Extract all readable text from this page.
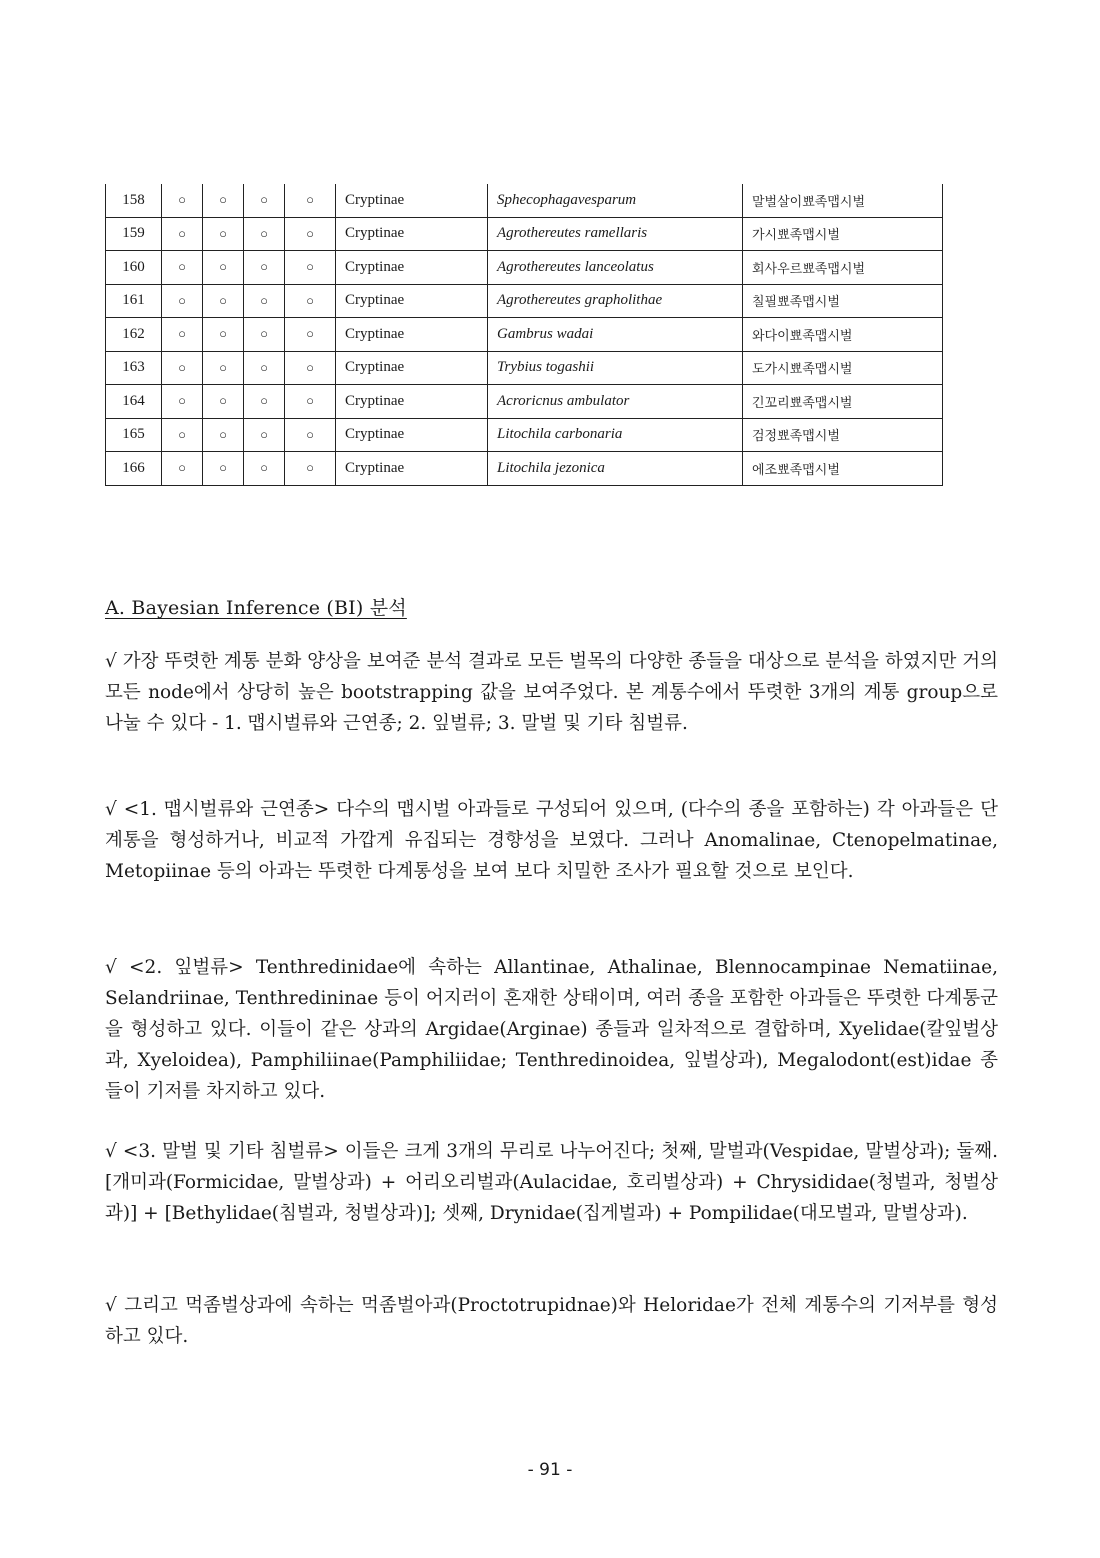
158	○	○	○	○	Cryptinae	Sphecophagavesparum	말벌살이뾰족맵시벌
159	○	○	○	○	Cryptinae	Agrothereutes ramellaris	가시뾰족맵시벌
160	○	○	○	○	Cryptinae	Agrothereutes lanceolatus	회사우르뾰족맵시벌
161	○	○	○	○	Cryptinae	Agrothereutes grapholithae	칠필뾰족맵시벌
162	○	○	○	○	Cryptinae	Gambrus wadai	와다이뾰족맵시벌
163	○	○	○	○	Cryptinae	Trybius togashii	도가시뾰족맵시벌
164	○	○	○	○	Cryptinae	Acroricnus ambulator	긴꼬리뾰족맵시벌
165	○	○	○	○	Cryptinae	Litochila carbonaria	검정뾰족맵시벌
166	○	○	○	○	Cryptinae	Litochila jezonica	에조뾰족맵시벌
A. Bayesian Inference (BI) 분석

√ 가장 뚜렷한 계통 분화 양상을 보여준 분석 결과로 모든 벌목의 다양한 종들을 대상으로 분석을 하였지만 거의 모든 node에서 상당히 높은 bootstrapping 값을 보여주었다. 본 계통수에서 뚜렷한 3개의 계통 group으로 나눌 수 있다 - 1. 맵시벌류와 근연종; 2. 잎벌류; 3. 말벌 및 기타 침벌류.

√ <1. 맵시벌류와 근연종> 다수의 맵시벌 아과들로 구성되어 있으며, (다수의 종을 포함하는) 각 아과들은 단계통을 형성하거나, 비교적 가깝게 유집되는 경향성을 보였다. 그러나 Anomalinae, Ctenopelmatinae, Metopiinae 등의 아과는 뚜렷한 다계통성을 보여 보다 치밀한 조사가 필요할 것으로 보인다.

√ <2. 잎벌류> Tenthredinidae에 속하는 Allantinae, Athalinae, Blennocampinae Nematiinae, Selandriinae, Tenthredininae 등이 어지러이 혼재한 상태이며, 여러 종을 포함한 아과들은 뚜렷한 다계통군을 형성하고 있다. 이들이 같은 상과의 Argidae(Arginae) 종들과 일차적으로 결합하며, Xyelidae(칼잎벌상과, Xyeloidea), Pamphiliinae(Pamphiliidae; Tenthredinoidea, 잎벌상과), Megalodont(est)idae 종들이 기저를 차지하고 있다.

√ <3. 말벌 및 기타 침벌류> 이들은 크게 3개의 무리로 나누어진다; 첫째, 말벌과(Vespidae, 말벌상과); 둘째. [개미과(Formicidae, 말벌상과) + 어리오리벌과(Aulacidae, 호리벌상과) + Chrysididae(청벌과, 청벌상과)] + [Bethylidae(침벌과, 청벌상과)]; 셋째, Drynidae(집게벌과) + Pompilidae(대모벌과, 말벌상과).

√ 그리고 먹좀벌상과에 속하는 먹좀벌아과(Proctotrupidnae)와 Heloridae가 전체 계통수의 기저부를 형성하고 있다.

- 91 -
